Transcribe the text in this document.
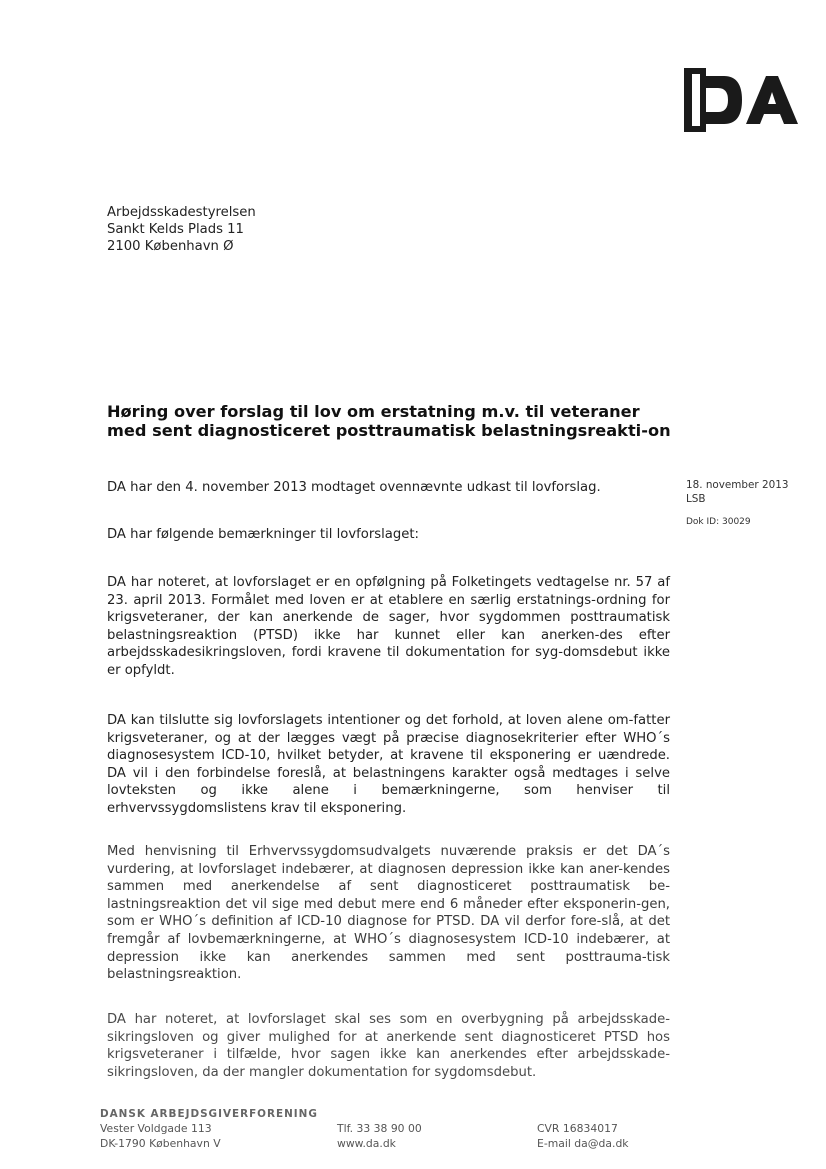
Arbejdsskadestyrelsen
Sankt Kelds Plads 11
2100 København Ø
Høring over forslag til lov om erstatning m.v. til veteraner med sent diagnosticeret posttraumatisk belastningsreakti-on
18. november 2013
LSB
Dok ID: 30029

DA har den 4. november 2013 modtaget ovennævnte udkast til lovforslag.

DA har følgende bemærkninger til lovforslaget:

DA har noteret, at lovforslaget er en opfølgning på Folketingets vedtagelse nr. 57 af 23. april 2013. Formålet med loven er at etablere en særlig erstatnings-ordning for krigsveteraner, der kan anerkende de sager, hvor sygdommen posttraumatisk belastningsreaktion (PTSD) ikke har kunnet eller kan anerken-des efter arbejdsskadesikringsloven, fordi kravene til dokumentation for syg-domsdebut ikke er opfyldt.

DA kan tilslutte sig lovforslagets intentioner og det forhold, at loven alene om-fatter krigsveteraner, og at der lægges vægt på præcise diagnosekriterier efter WHO´s diagnosesystem ICD-10, hvilket betyder, at kravene til eksponering er uændrede. DA vil i den forbindelse foreslå, at belastningens karakter også medtages i selve lovteksten og ikke alene i bemærkningerne, som henviser til erhvervssygdomslistens krav til eksponering.

Med henvisning til Erhvervssygdomsudvalgets nuværende praksis er det DA´s vurdering, at lovforslaget indebærer, at diagnosen depression ikke kan aner-kendes sammen med anerkendelse af sent diagnosticeret posttraumatisk be-lastningsreaktion det vil sige med debut mere end 6 måneder efter eksponerin-gen, som er WHO´s definition af ICD-10 diagnose for PTSD. DA vil derfor fore-slå, at det fremgår af lovbemærkningerne, at WHO´s diagnosesystem ICD-10 indebærer, at depression ikke kan anerkendes sammen med sent posttrauma-tisk belastningsreaktion.

DA har noteret, at lovforslaget skal ses som en overbygning på arbejdsskade-sikringsloven og giver mulighed for at anerkende sent diagnosticeret PTSD hos krigsveteraner i tilfælde, hvor sagen ikke kan anerkendes efter arbejdsskade-sikringsloven, da der mangler dokumentation for sygdomsdebut.

DANSK ARBEJDSGIVERFORENING
Vester Voldgade 113
DK-1790 København V
Tlf. 33 38 90 00
www.da.dk
CVR 16834017
E-mail da@da.dk
